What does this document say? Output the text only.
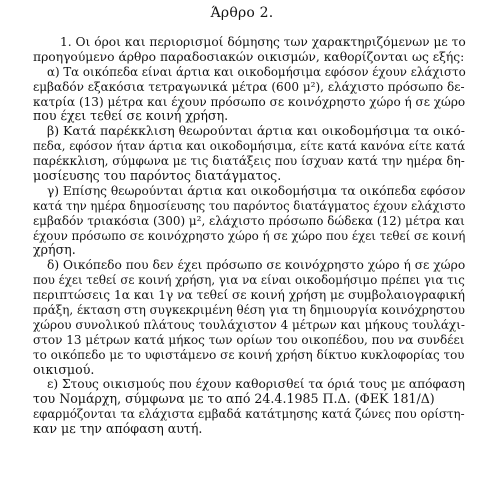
Άρθρο 2.
1. Οι όροι και περιορισμοί δόμησης των χαρακτηριζόμενων με το
προηγούμενο άρθρο παραδοσιακών οικισμών, καθορίζονται ως εξής:
α) Τα οικόπεδα είναι άρτια και οικοδομήσιμα εφόσον έχουν ελάχιστο
εμβαδόν εξακόσια τετραγωνικά μέτρα (600 μ²), ελάχιστο πρόσωπο δε-
κατρία (13) μέτρα και έχουν πρόσωπο σε κοινόχρηστο χώρο ή σε χώρο
που έχει τεθεί σε κοινή χρήση.
β) Κατά παρέκκλιση θεωρούνται άρτια και οικοδομήσιμα τα οικό-
πεδα, εφόσον ήταν άρτια και οικοδομήσιμα, είτε κατά κανόνα είτε κατά
παρέκκλιση, σύμφωνα με τις διατάξεις που ίσχυαν κατά την ημέρα δη-
μοσίευσης του παρόντος διατάγματος.
γ) Επίσης θεωρούνται άρτια και οικοδομήσιμα τα οικόπεδα εφόσον
κατά την ημέρα δημοσίευσης του παρόντος διατάγματος έχουν ελάχιστο
εμβαδόν τριακόσια (300) μ², ελάχιστο πρόσωπο δώδεκα (12) μέτρα και
έχουν πρόσωπο σε κοινόχρηστο χώρο ή σε χώρο που έχει τεθεί σε κοινή
χρήση.
δ) Οικόπεδο που δεν έχει πρόσωπο σε κοινόχρηστο χώρο ή σε χώρο
που έχει τεθεί σε κοινή χρήση, για να είναι οικοδομήσιμο πρέπει για τις
περιπτώσεις 1α και 1γ να τεθεί σε κοινή χρήση με συμβολαιογραφική
πράξη, έκταση στη συγκεκριμένη θέση για τη δημιουργία κοινόχρηστου
χώρου συνολικού πλάτους τουλάχιστον 4 μέτρων και μήκους τουλάχι-
στον 13 μέτρων κατά μήκος των ορίων του οικοπέδου, που να συνδέει
το οικόπεδο με το υφιστάμενο σε κοινή χρήση δίκτυο κυκλοφορίας του
οικισμού.
ε) Στους οικισμούς που έχουν καθορισθεί τα όριά τους με απόφαση
του Νομάρχη, σύμφωνα με το από 24.4.1985 Π.Δ. (ΦΕΚ 181/Δ)
εφαρμόζονται τα ελάχιστα εμβαδά κατάτμησης κατά ζώνες που ορίστη-
καν με την απόφαση αυτή.
